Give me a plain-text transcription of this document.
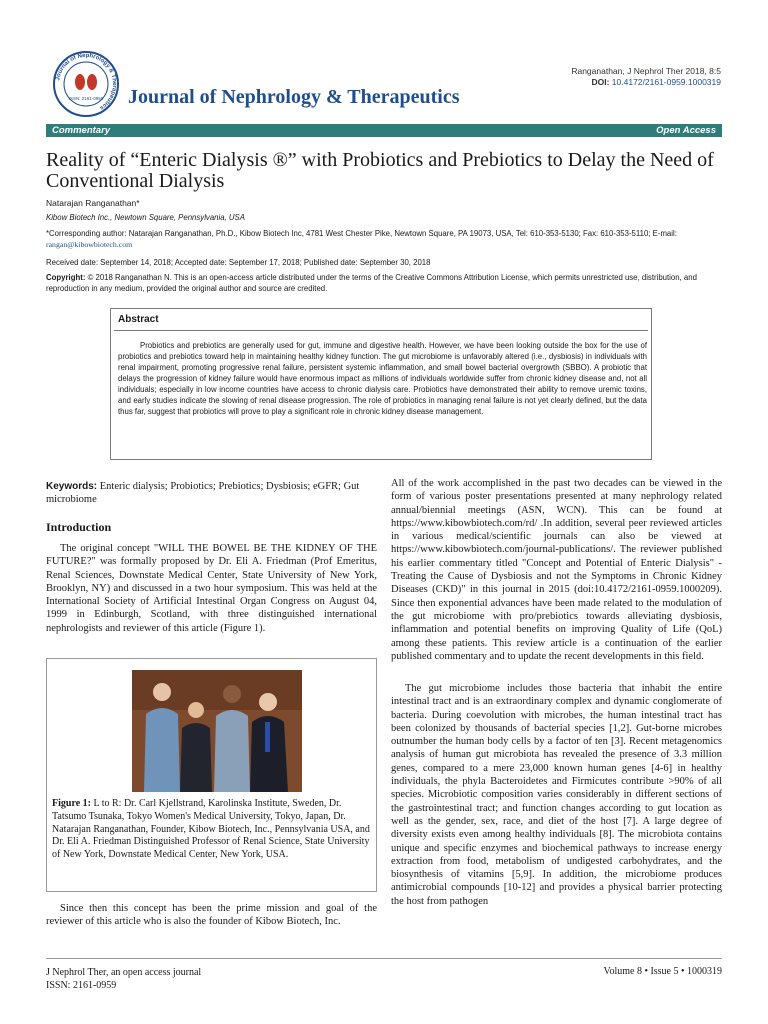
Journal of Nephrology & Therapeutics
ISSN: 2161-0959 Journal of Nephrology & Therapeutics
Ranganathan, J Nephrol Ther 2018, 8:5
DOI: 10.4172/2161-0959.1000319
Commentary	Open Access
Reality of “Enteric Dialysis ®” with Probiotics and Prebiotics to Delay the Need of Conventional Dialysis
Natarajan Ranganathan*
Kibow Biotech Inc., Newtown Square, Pennsylvania, USA
*Corresponding author: Natarajan Ranganathan, Ph.D., Kibow Biotech Inc, 4781 West Chester Pike, Newtown Square, PA 19073, USA, Tel: 610-353-5130; Fax: 610-353-5110; E-mail: rangan@kibowbiotech.com
Received date: September 14, 2018; Accepted date: September 17, 2018; Published date: September 30, 2018
Copyright: © 2018 Ranganathan N. This is an open-access article distributed under the terms of the Creative Commons Attribution License, which permits unrestricted use, distribution, and reproduction in any medium, provided the original author and source are credited.
Abstract
Probiotics and prebiotics are generally used for gut, immune and digestive health. However, we have been looking outside the box for the use of probiotics and prebiotics toward help in maintaining healthy kidney function. The gut microbiome is unfavorably altered (i.e., dysbiosis) in individuals with renal impairment, promoting progressive renal failure, persistent systemic inflammation, and small bowel bacterial overgrowth (SBBO). A probiotic that delays the progression of kidney failure would have enormous impact as millions of individuals worldwide suffer from chronic kidney disease and, not all individuals; especially in low income countries have access to chronic dialysis care. Probiotics have demonstrated their ability to remove uremic toxins, and early studies indicate the slowing of renal disease progression. The role of probiotics in managing renal failure is not yet clearly defined, but the data thus far, suggest that probiotics will prove to play a significant role in chronic kidney disease management.
Keywords: Enteric dialysis; Probiotics; Prebiotics; Dysbiosis; eGFR; Gut microbiome
Introduction
The original concept "WILL THE BOWEL BE THE KIDNEY OF THE FUTURE?" was formally proposed by Dr. Eli A. Friedman (Prof Emeritus, Renal Sciences, Downstate Medical Center, State University of New York, Brooklyn, NY) and discussed in a two hour symposium. This was held at the International Society of Artificial Intestinal Organ Congress on August 04, 1999 in Edinburgh, Scotland, with three distinguished international nephrologists and reviewer of this article (Figure 1).
Figure 1: L to R: Dr. Carl Kjellstrand, Karolinska Institute, Sweden, Dr. Tatsumo Tsunaka, Tokyo Women's Medical University, Tokyo, Japan, Dr. Natarajan Ranganathan, Founder, Kibow Biotech, Inc., Pennsylvania USA, and Dr. Eli A. Friedman Distinguished Professor of Renal Science, State University of New York, Downstate Medical Center, New York, USA.
Since then this concept has been the prime mission and goal of the reviewer of this article who is also the founder of Kibow Biotech, Inc.
All of the work accomplished in the past two decades can be viewed in the form of various poster presentations presented at many nephrology related annual/biennial meetings (ASN, WCN). This can be found at https://www.kibowbiotech.com/rd/ .In addition, several peer reviewed articles in various medical/scientific journals can also be viewed at https://www.kibowbiotech.com/journal-publications/. The reviewer published his earlier commentary titled "Concept and Potential of Enteric Dialysis" - Treating the Cause of Dysbiosis and not the Symptoms in Chronic Kidney Diseases (CKD)" in this journal in 2015 (doi:10.4172/2161-0959.1000209). Since then exponential advances have been made related to the modulation of the gut microbiome with pro/prebiotics towards alleviating dysbiosis, inflammation and potential benefits on improving Quality of Life (QoL) among these patients. This review article is a continuation of the earlier published commentary and to update the recent developments in this field.
The gut microbiome includes those bacteria that inhabit the entire intestinal tract and is an extraordinary complex and dynamic conglomerate of bacteria. During coevolution with microbes, the human intestinal tract has been colonized by thousands of bacterial species [1,2]. Gut-borne microbes outnumber the human body cells by a factor of ten [3]. Recent metagenomics analysis of human gut microbiota has revealed the presence of 3.3 million genes, compared to a mere 23,000 known human genes [4-6] in healthy individuals, the phyla Bacteroidetes and Firmicutes contribute >90% of all species. Microbiotic composition varies considerably in different sections of the gastrointestinal tract; and function changes according to gut location as well as the gender, sex, race, and diet of the host [7]. A large degree of diversity exists even among healthy individuals [8]. The microbiota contains unique and specific enzymes and biochemical pathways to increase energy extraction from food, metabolism of undigested carbohydrates, and the biosynthesis of vitamins [5,9]. In addition, the microbiome produces antimicrobial compounds [10-12] and provides a physical barrier protecting the host from pathogen
J Nephrol Ther, an open access journal
ISSN: 2161-0959
Volume 8 • Issue 5 • 1000319
